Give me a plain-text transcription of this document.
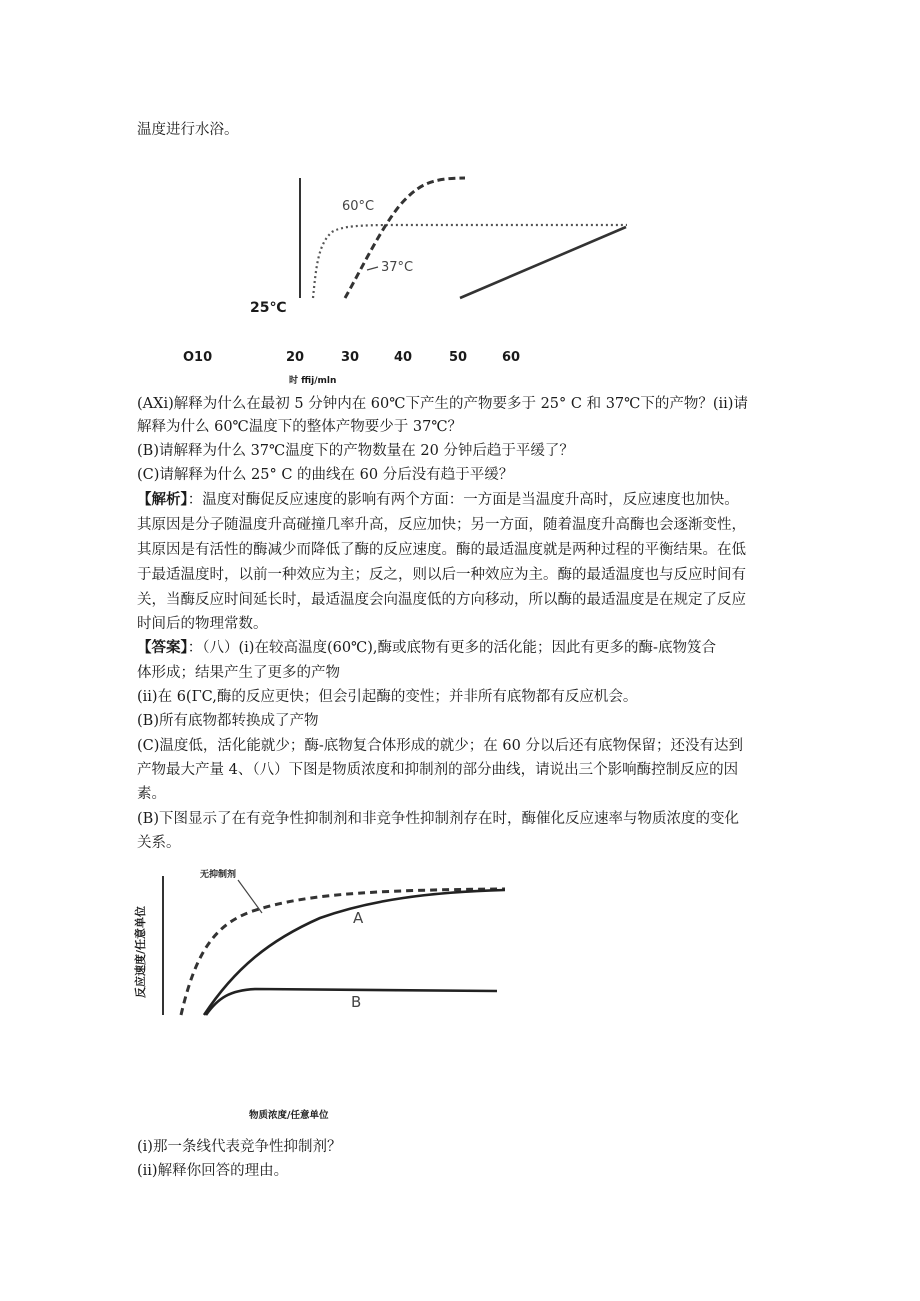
温度进行水浴。
60°C
37°C
25℃
O10	20	30	40	50	60
时 ffij/mln
(AXi)解释为什么在最初 5 分钟内在 60℃下产生的产物要多于 25° C 和 37℃下的产物？(ii)请
解释为什么 60℃温度下的整体产物要少于 37℃？
(B)请解释为什么 37℃温度下的产物数量在 20 分钟后趋于平缓了？
(C)请解释为什么 25° C 的曲线在 60 分后没有趋于平缓？
【解析】：温度对酶促反应速度的影响有两个方面：一方面是当温度升高时，反应速度也加快。
其原因是分子随温度升高碰撞几率升高，反应加快；另一方面，随着温度升高酶也会逐渐变性，
其原因是有活性的酶减少而降低了酶的反应速度。酶的最适温度就是两种过程的平衡结果。在低
于最适温度时，以前一种效应为主；反之，则以后一种效应为主。酶的最适温度也与反应时间有
关，当酶反应时间延长时，最适温度会向温度低的方向移动，所以酶的最适温度是在规定了反应
时间后的物理常数。
【答案】：（八）(i)在较高温度(60℃),酶或底物有更多的活化能；因此有更多的酶-底物笈合
体形成；结果产生了更多的产物
(ii)在 6(ΓC,酶的反应更快；但会引起酶的变性；并非所有底物都有反应机会。
(B)所有底物都转换成了产物
(C)温度低，活化能就少；酶-底物复合体形成的就少；在 60 分以后还有底物保留；还没有达到
产物最大产量 4、（八）下图是物质浓度和抑制剂的部分曲线，请说出三个影响酶控制反应的因
素。
(B)下图显示了在有竞争性抑制剂和非竞争性抑制剂存在时，酶催化反应速率与物质浓度的变化
关系。
无抑制剂
A
B
反应速度/任意单位
物质浓度/任意单位
(i)那一条线代表竞争性抑制剂？
(ii)解释你回答的理由。
